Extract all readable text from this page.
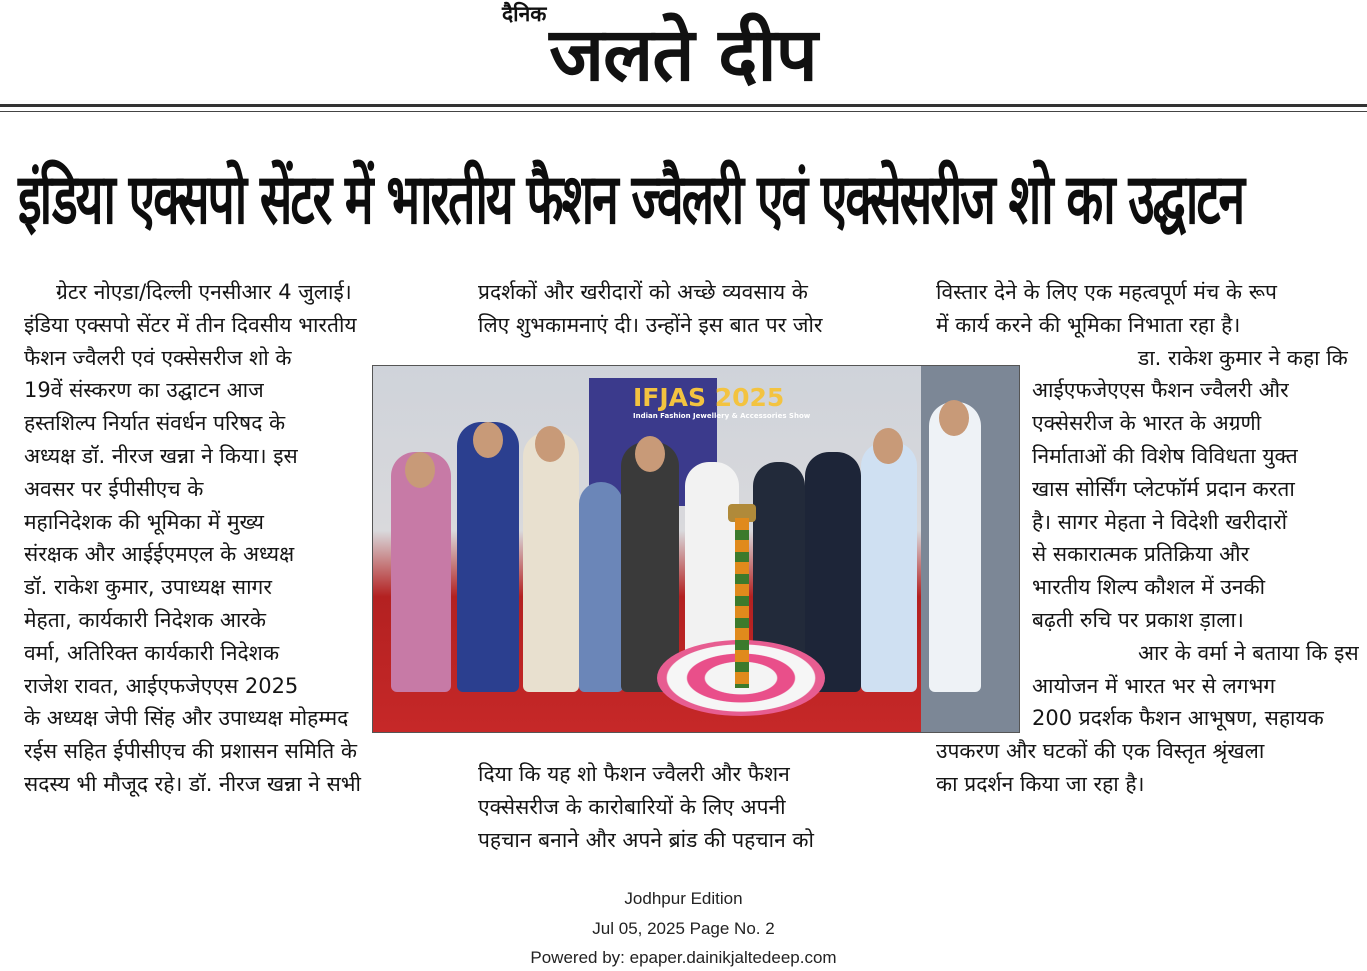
दैनिक जलते दीप
इंडिया एक्सपो सेंटर में भारतीय फैशन ज्वैलरी एवं एक्सेसरीज शो का उद्घाटन
ग्रेटर नोएडा/दिल्ली एनसीआर 4 जुलाई।
इंडिया एक्सपो सेंटर में तीन दिवसीय भारतीय
फैशन ज्वैलरी एवं एक्सेसरीज शो के
19वें संस्करण का उद्घाटन आज
हस्तशिल्प निर्यात संवर्धन परिषद के
अध्यक्ष डॉ. नीरज खन्ना ने किया। इस
अवसर पर ईपीसीएच के
महानिदेशक की भूमिका में मुख्य
संरक्षक और आईईएमएल के अध्यक्ष
डॉ. राकेश कुमार, उपाध्यक्ष सागर
मेहता, कार्यकारी निदेशक आरके
वर्मा, अतिरिक्त कार्यकारी निदेशक
राजेश रावत, आईएफजेएएस 2025
के अध्यक्ष जेपी सिंह और उपाध्यक्ष मोहम्मद
रईस सहित ईपीसीएच की प्रशासन समिति के
सदस्य भी मौजूद रहे। डॉ. नीरज खन्ना ने सभी
प्रदर्शकों और खरीदारों को अच्छे व्यवसाय के
लिए शुभकामनाएं दी। उन्होंने इस बात पर जोर
IFJAS 2025
Indian Fashion Jewellery & Accessories Show
दिया कि यह शो फैशन ज्वैलरी और फैशन
एक्सेसरीज के कारोबारियों के लिए अपनी
पहचान बनाने और अपने ब्रांड की पहचान को
विस्तार देने के लिए एक महत्वपूर्ण मंच के रूप
में कार्य करने की भूमिका निभाता रहा है।
डा. राकेश कुमार ने कहा कि
आईएफजेएएस फैशन ज्वैलरी और
एक्सेसरीज के भारत के अग्रणी
निर्माताओं की विशेष विविधता युक्त
खास सोर्सिंग प्लेटफॉर्म प्रदान करता
है। सागर मेहता ने विदेशी खरीदारों
से सकारात्मक प्रतिक्रिया और
भारतीय शिल्प कौशल में उनकी
बढ़ती रुचि पर प्रकाश ड़ाला।
आर के वर्मा ने बताया कि इस
आयोजन में भारत भर से लगभग
200 प्रदर्शक फैशन आभूषण, सहायक
उपकरण और घटकों की एक विस्तृत श्रृंखला
का प्रदर्शन किया जा रहा है।
Jodhpur Edition
Jul 05, 2025 Page No. 2
Powered by: epaper.dainikjaltedeep.com
